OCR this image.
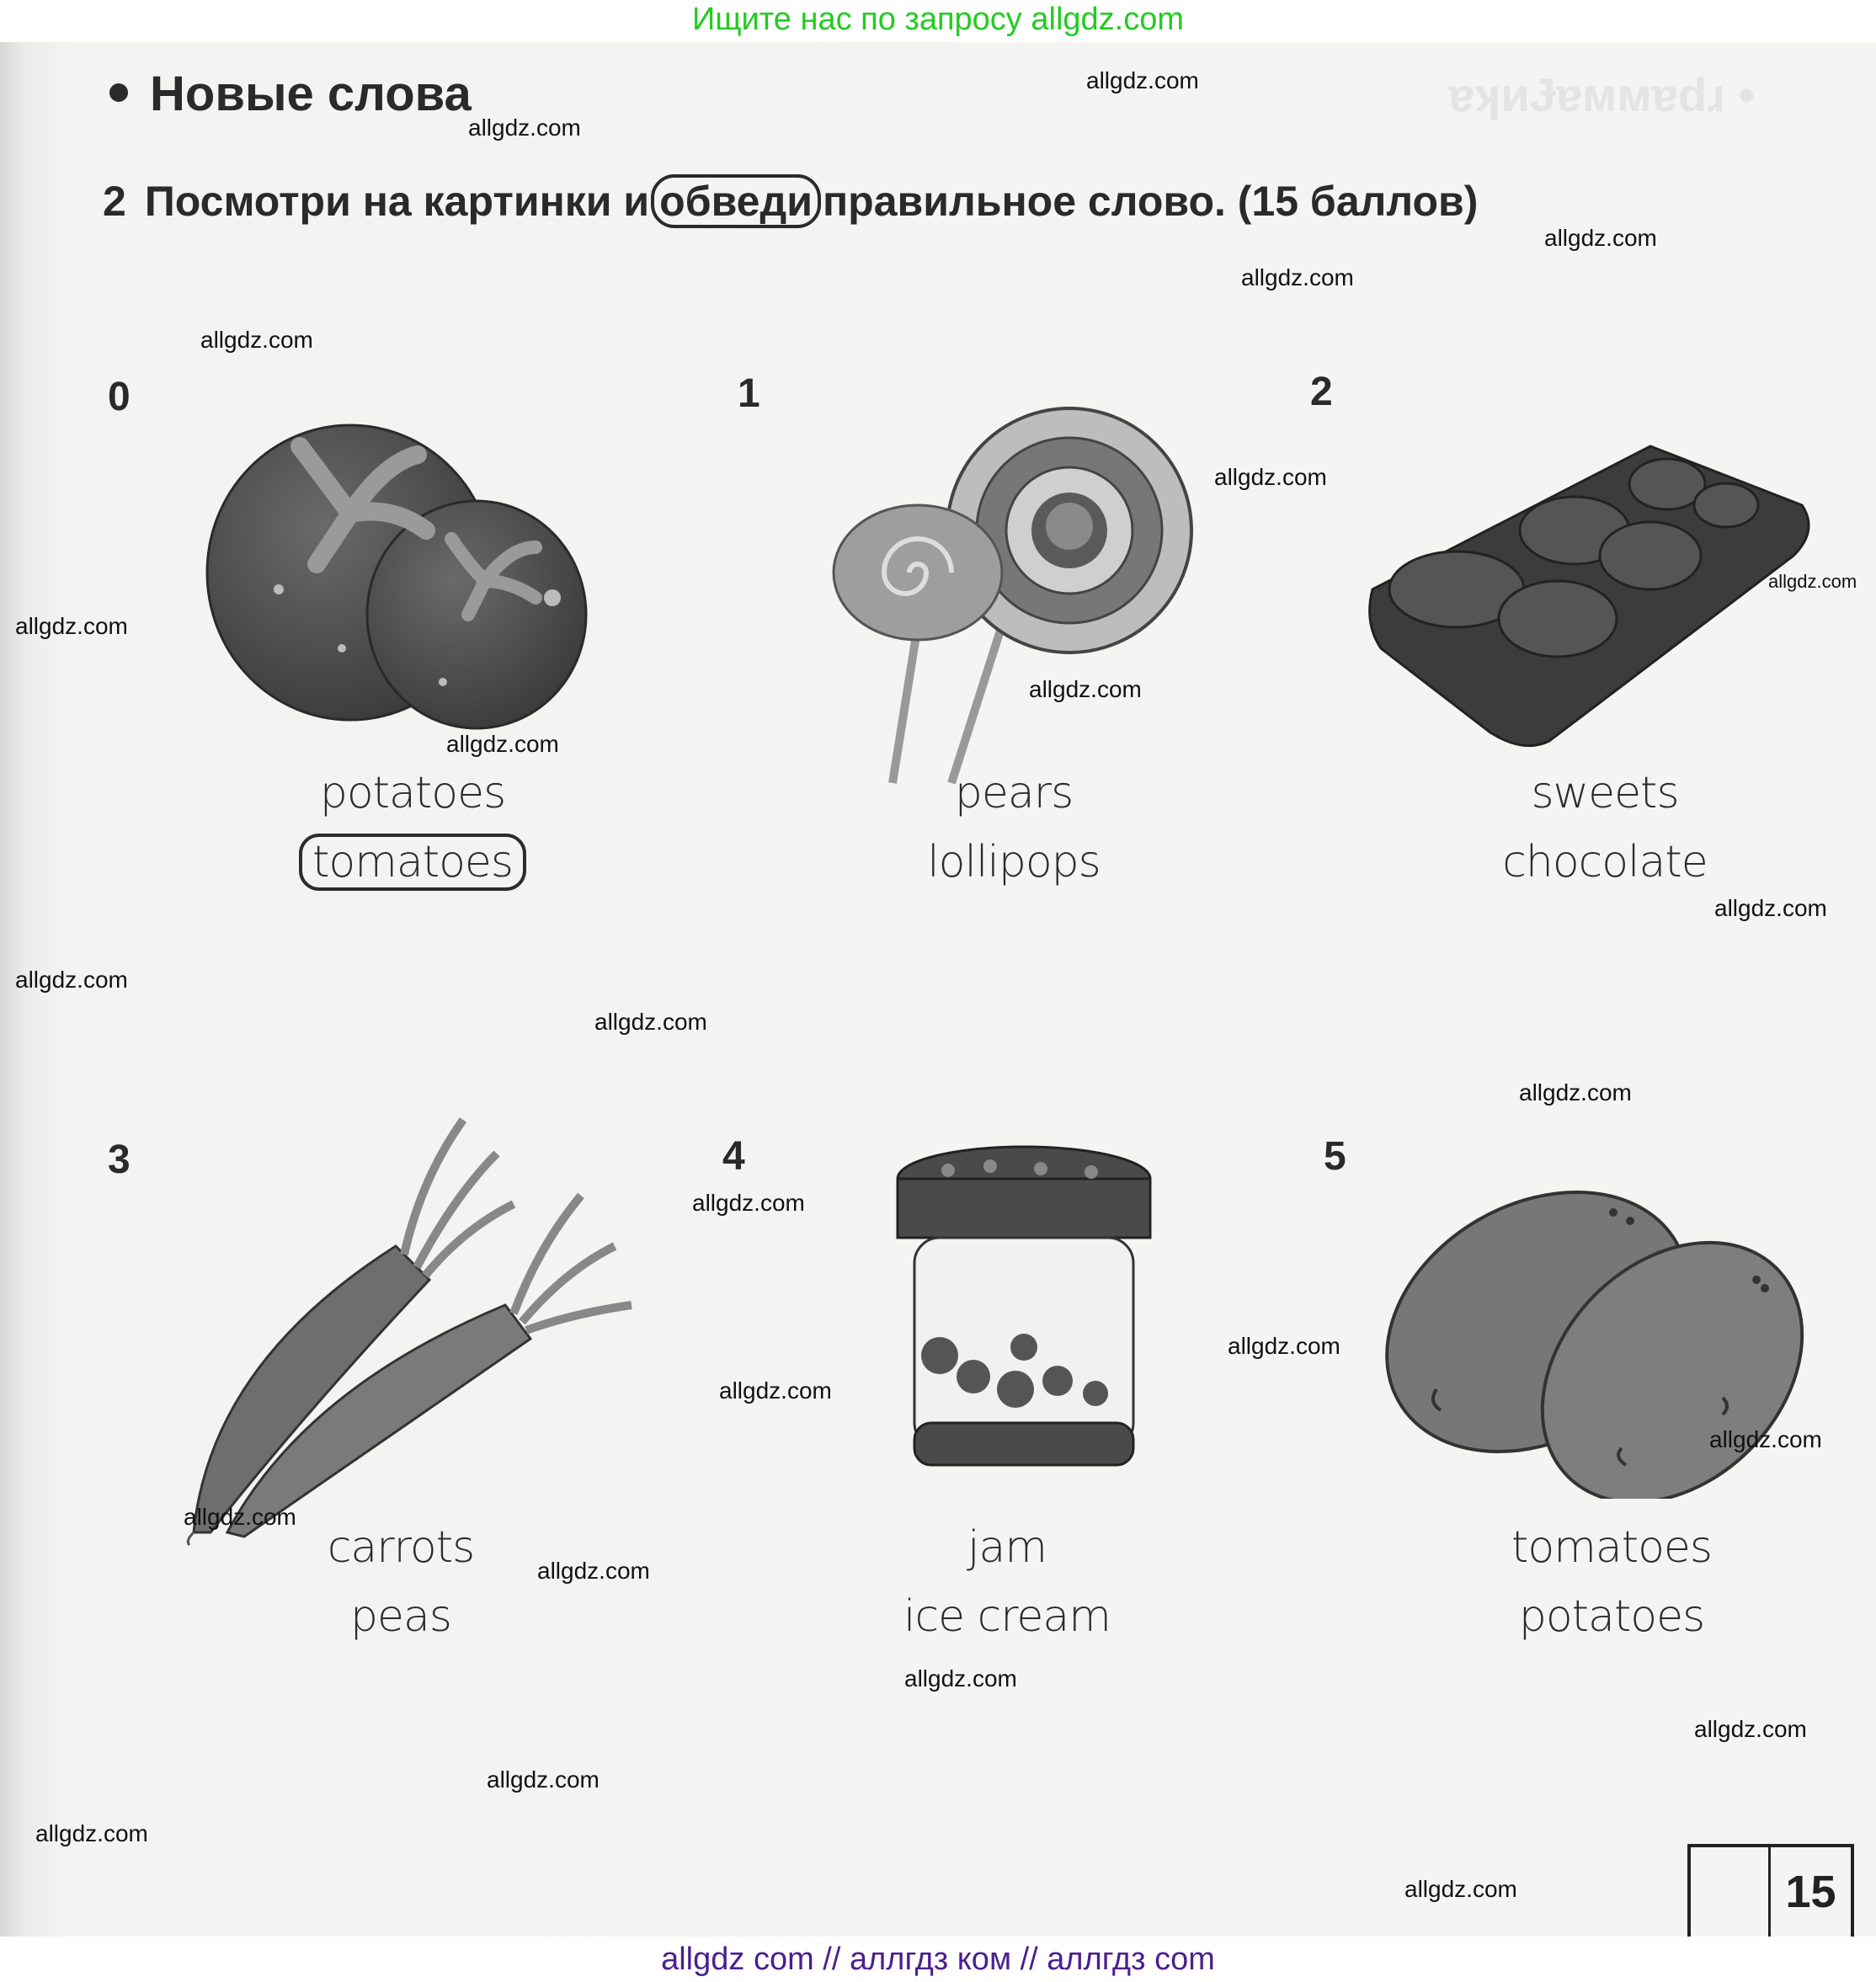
Ищите нас по запросу allgdz.com
ɐʞиɈɐммɐdɹ •

Новые слова
2 Посмотри на картинки и обведи правильное слово. (15 баллов)
0
potatoes
tomatoes
1
pears
lollipops
2
sweets
chocolate
3
carrots
peas
4
jam
ice cream
5
tomatoes
potatoes
15
allgdz.com
allgdz.com
allgdz.com
allgdz.com
allgdz.com
allgdz.com
allgdz.com
allgdz.com
allgdz.com
allgdz.com
allgdz.com
allgdz.com
allgdz.com
allgdz.com
allgdz.com
allgdz.com
allgdz.com
allgdz.com
allgdz.com
allgdz.com
allgdz.com
allgdz.com
allgdz.com
allgdz.com
allgdz.com
allgdz com // аллгдз ком // аллгдз com
